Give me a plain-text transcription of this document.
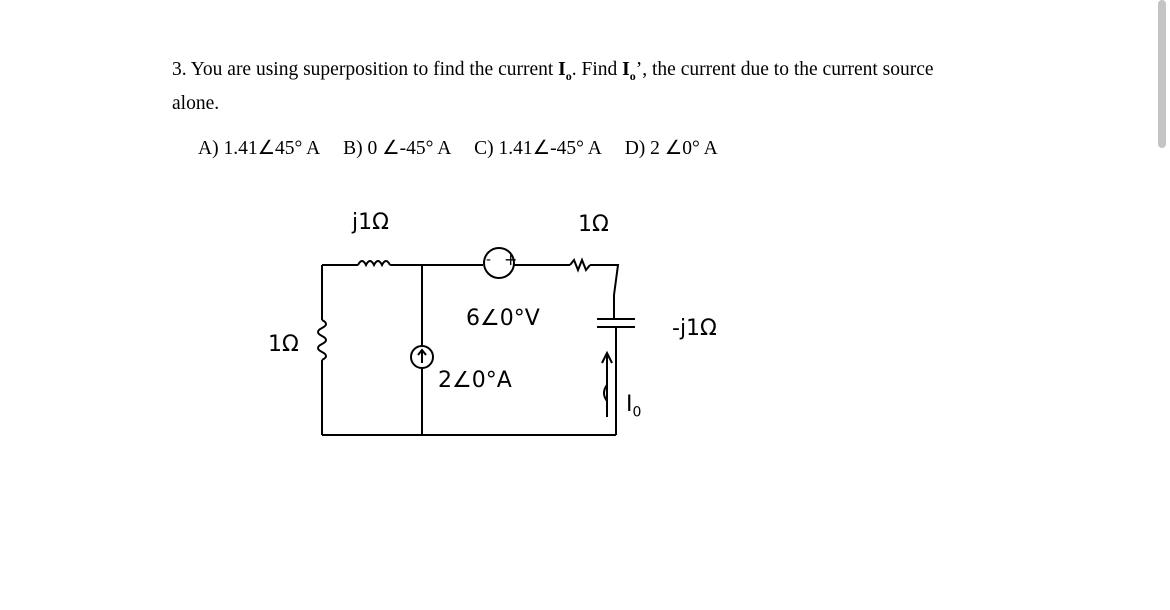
3. You are using superposition to find the current $I_o$. Find $I_o$’, the current due to the current source alone.
A) 1.41∠45° A B) 0 ∠-45° A C) 1.41∠-45° A D) 2 ∠0° A
j1Ω	1Ω
1Ω
6∠0°V
2∠0°A
-j1Ω
- +
$I_0$
